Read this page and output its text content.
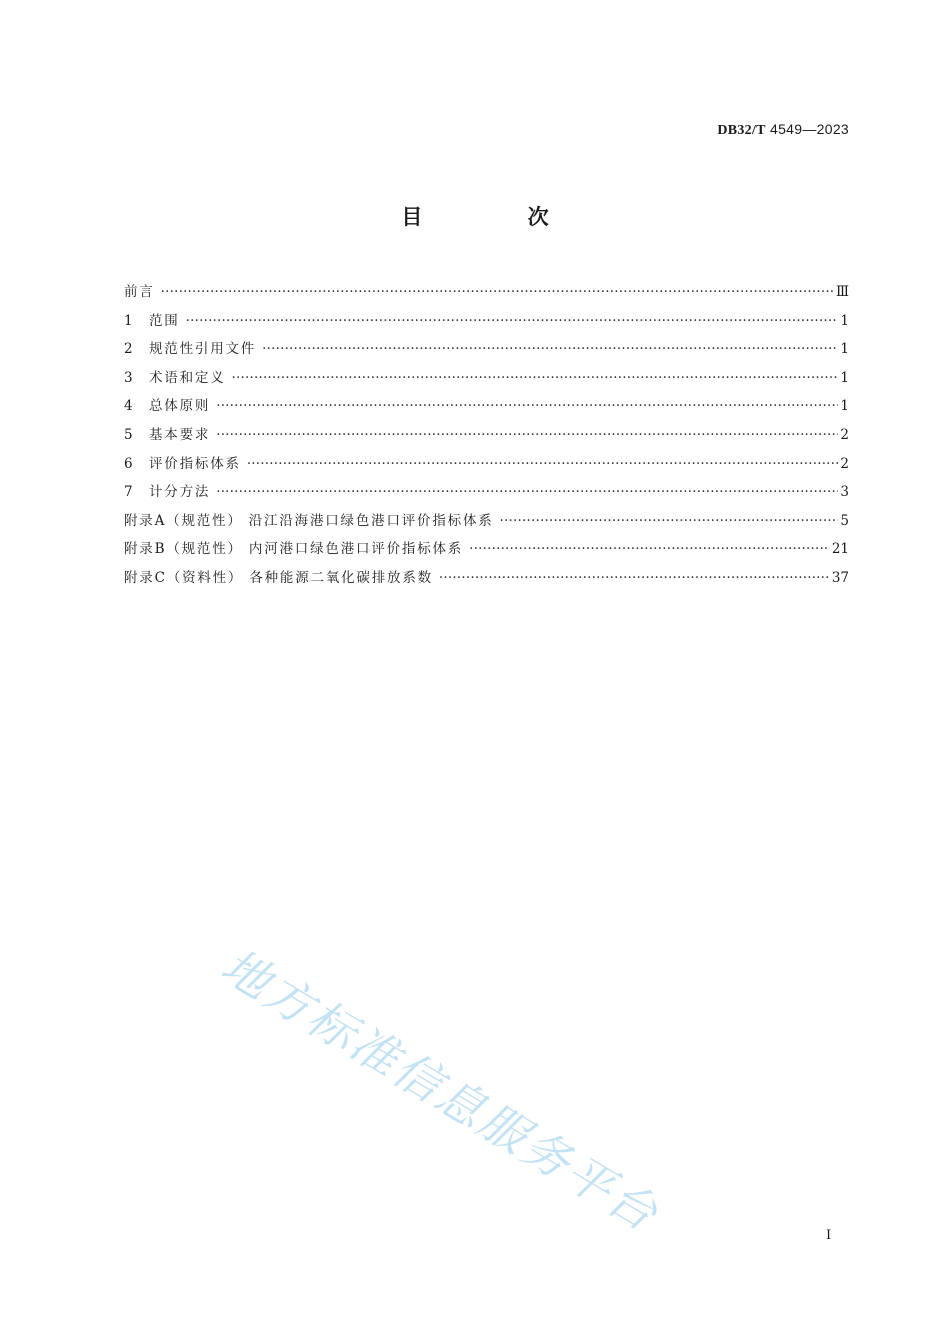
DB32/T 4549—2023
目 次
前言 ·····	Ⅲ
1	范围 ·····	1
2	规范性引用文件 ·····	1
3	术语和定义 ·····	1
4	总体原则 ·····	1
5	基本要求 ·····	2
6	评价指标体系 ·····	2
7	计分方法 ·····	3
附录A（规范性） 沿江沿海港口绿色港口评价指标体系 ·····	5
附录B（规范性） 内河港口绿色港口评价指标体系 ·····	21
附录C（资料性） 各种能源二氧化碳排放系数 ·····	37
地方标准信息服务平台	I
